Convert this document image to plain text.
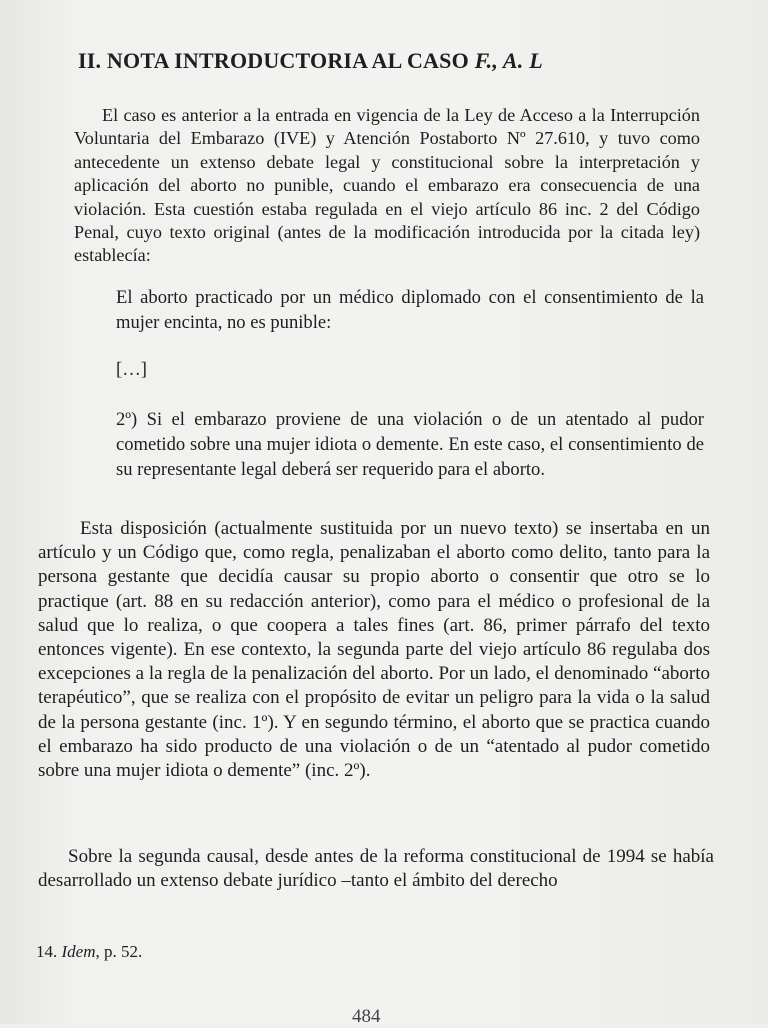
II. NOTA INTRODUCTORIA AL CASO F., A. L
El caso es anterior a la entrada en vigencia de la Ley de Acceso a la Interrupción Voluntaria del Embarazo (IVE) y Atención Postaborto Nº 27.610, y tuvo como antecedente un extenso debate legal y constitucional sobre la interpretación y aplicación del aborto no punible, cuando el embarazo era consecuencia de una violación. Esta cuestión estaba regulada en el viejo artículo 86 inc. 2 del Código Penal, cuyo texto original (antes de la modificación introducida por la citada ley) establecía:
El aborto practicado por un médico diplomado con el consentimiento de la mujer encinta, no es punible:
[…]
2º) Si el embarazo proviene de una violación o de un atentado al pudor cometido sobre una mujer idiota o demente. En este caso, el consentimiento de su representante legal deberá ser requerido para el aborto.
Esta disposición (actualmente sustituida por un nuevo texto) se insertaba en un artículo y un Código que, como regla, penalizaban el aborto como delito, tanto para la persona gestante que decidía causar su propio aborto o consentir que otro se lo practique (art. 88 en su redacción anterior), como para el médico o profesional de la salud que lo realiza, o que coopera a tales fines (art. 86, primer párrafo del texto entonces vigente). En ese contexto, la segunda parte del viejo artículo 86 regulaba dos excepciones a la regla de la penalización del aborto. Por un lado, el denominado “aborto terapéutico”, que se realiza con el propósito de evitar un peligro para la vida o la salud de la persona gestante (inc. 1º). Y en segundo término, el aborto que se practica cuando el embarazo ha sido producto de una violación o de un “atentado al pudor cometido sobre una mujer idiota o demente” (inc. 2º).
Sobre la segunda causal, desde antes de la reforma constitucional de 1994 se había desarrollado un extenso debate jurídico –tanto el ámbito del derecho
14. Idem, p. 52.
484
